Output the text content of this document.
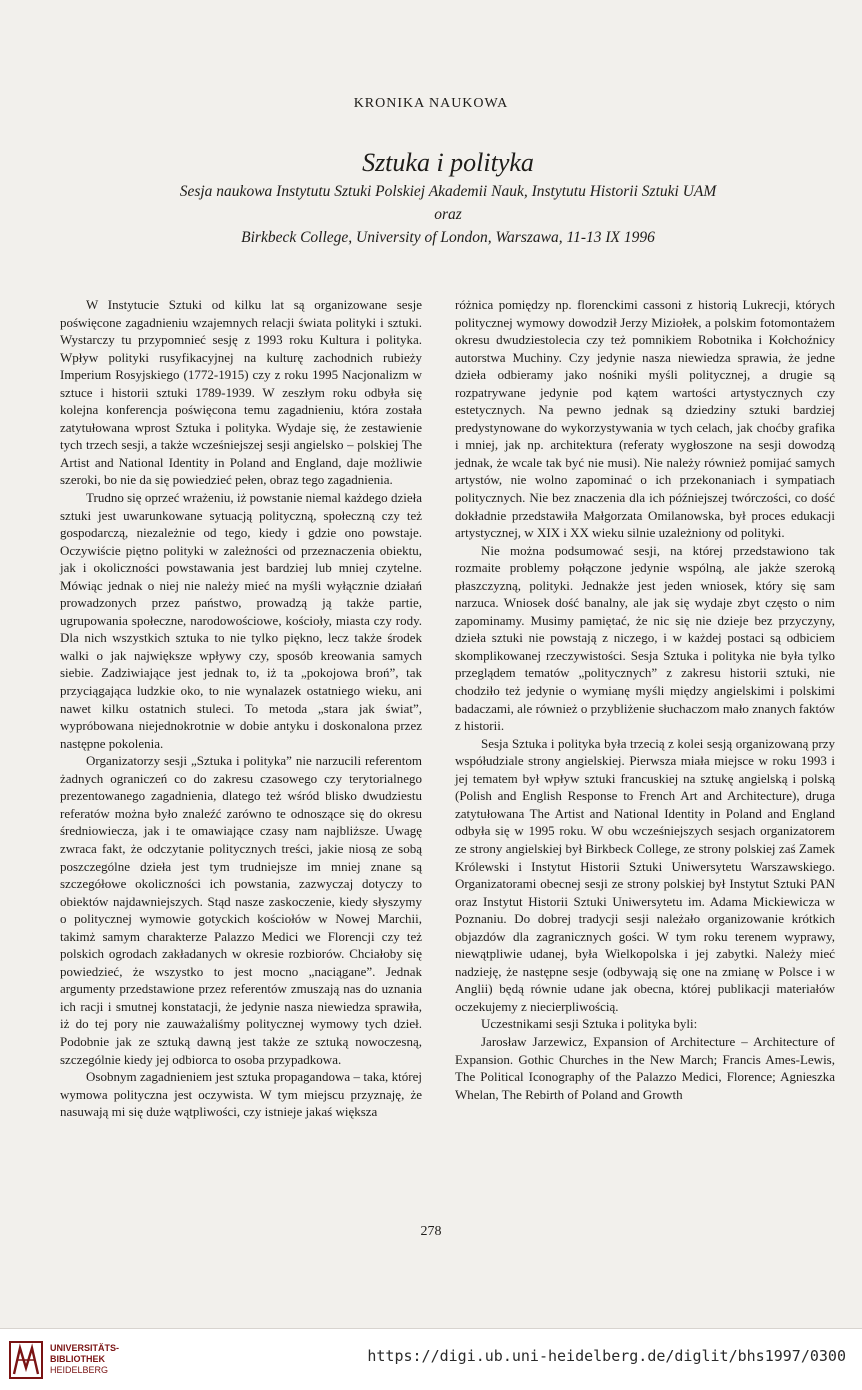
KRONIKA NAUKOWA
Sztuka i polityka

Sesja naukowa Instytutu Sztuki Polskiej Akademii Nauk, Instytutu Historii Sztuki UAM

oraz

Birkbeck College, University of London, Warszawa, 11-13 IX 1996

W Instytucie Sztuki od kilku lat są organizowane sesje poświęcone zagadnieniu wzajemnych relacji świata polityki i sztuki. Wystarczy tu przypomnieć sesję z 1993 roku Kultura i polityka. Wpływ polityki rusyfikacyjnej na kulturę zachodnich rubieży Imperium Rosyjskiego (1772-1915) czy z roku 1995 Nacjonalizm w sztuce i historii sztuki 1789-1939. W zeszłym roku odbyła się kolejna konferencja poświęcona temu zagadnieniu, która została zatytułowana wprost Sztuka i polityka. Wydaje się, że zestawienie tych trzech sesji, a także wcześniejszej sesji angielsko – polskiej The Artist and National Identity in Poland and England, daje możliwie szeroki, bo nie da się powiedzieć pełen, obraz tego zagadnienia.

Trudno się oprzeć wrażeniu, iż powstanie niemal każdego dzieła sztuki jest uwarunkowane sytuacją polityczną, społeczną czy też gospodarczą, niezależnie od tego, kiedy i gdzie ono powstaje. Oczywiście piętno polityki w zależności od przeznaczenia obiektu, jak i okoliczności powstawania jest bardziej lub mniej czytelne. Mówiąc jednak o niej nie należy mieć na myśli wyłącznie działań prowadzonych przez państwo, prowadzą ją także partie, ugrupowania społeczne, narodowościowe, kościoły, miasta czy rody. Dla nich wszystkich sztuka to nie tylko piękno, lecz także środek walki o jak największe wpływy czy, sposób kreowania samych siebie. Zadziwiające jest jednak to, iż ta „pokojowa broń”, tak przyciągająca ludzkie oko, to nie wynalazek ostatniego wieku, ani nawet kilku ostatnich stuleci. To metoda „stara jak świat”, wypróbowana niejednokrotnie w dobie antyku i doskonalona przez następne pokolenia.

Organizatorzy sesji „Sztuka i polityka” nie narzucili referentom żadnych ograniczeń co do zakresu czasowego czy terytorialnego prezentowanego zagadnienia, dlatego też wśród blisko dwudziestu referatów można było znaleźć zarówno te odnoszące się do okresu średniowiecza, jak i te omawiające czasy nam najbliższe. Uwagę zwraca fakt, że odczytanie politycznych treści, jakie niosą ze sobą poszczególne dzieła jest tym trudniejsze im mniej znane są szczegółowe okoliczności ich powstania, zazwyczaj dotyczy to obiektów najdawniejszych. Stąd nasze zaskoczenie, kiedy słyszymy o politycznej wymowie gotyckich kościołów w Nowej Marchii, takimż samym charakterze Palazzo Medici we Florencji czy też polskich ogrodach zakładanych w okresie rozbiorów. Chciałoby się powiedzieć, że wszystko to jest mocno „naciągane”. Jednak argumenty przedstawione przez referentów zmuszają nas do uznania ich racji i smutnej konstatacji, że jedynie nasza niewiedza sprawiła, iż do tej pory nie zauważaliśmy politycznej wymowy tych dzieł. Podobnie jak ze sztuką dawną jest także ze sztuką nowoczesną, szczególnie kiedy jej odbiorca to osoba przypadkowa.

Osobnym zagadnieniem jest sztuka propagandowa – taka, której wymowa polityczna jest oczywista. W tym miejscu przyznaję, że nasuwają mi się duże wątpliwości, czy istnieje jakaś większa

różnica pomiędzy np. florenckimi cassoni z historią Lukrecji, których politycznej wymowy dowodził Jerzy Miziołek, a polskim fotomontażem okresu dwudziestolecia czy też pomnikiem Robotnika i Kołchoźnicy autorstwa Muchiny. Czy jedynie nasza niewiedza sprawia, że jedne dzieła odbieramy jako nośniki myśli politycznej, a drugie są rozpatrywane jedynie pod kątem wartości artystycznych czy estetycznych. Na pewno jednak są dziedziny sztuki bardziej predystynowane do wykorzystywania w tych celach, jak choćby grafika i mniej, jak np. architektura (referaty wygłoszone na sesji dowodzą jednak, że wcale tak być nie musi). Nie należy również pomijać samych artystów, nie wolno zapominać o ich przekonaniach i sympatiach politycznych. Nie bez znaczenia dla ich późniejszej twórczości, co dość dokładnie przedstawiła Małgorzata Omilanowska, był proces edukacji artystycznej, w XIX i XX wieku silnie uzależniony od polityki.

Nie można podsumować sesji, na której przedstawiono tak rozmaite problemy połączone jedynie wspólną, ale jakże szeroką płaszczyzną, polityki. Jednakże jest jeden wniosek, który się sam narzuca. Wniosek dość banalny, ale jak się wydaje zbyt często o nim zapominamy. Musimy pamiętać, że nic się nie dzieje bez przyczyny, dzieła sztuki nie powstają z niczego, i w każdej postaci są odbiciem skomplikowanej rzeczywistości. Sesja Sztuka i polityka nie była tylko przeglądem tematów „politycznych” z zakresu historii sztuki, nie chodziło też jedynie o wymianę myśli między angielskimi i polskimi badaczami, ale również o przybliżenie słuchaczom mało znanych faktów z historii.

Sesja Sztuka i polityka była trzecią z kolei sesją organizowaną przy współudziale strony angielskiej. Pierwsza miała miejsce w roku 1993 i jej tematem był wpływ sztuki francuskiej na sztukę angielską i polską (Polish and English Response to French Art and Architecture), druga zatytułowana The Artist and National Identity in Poland and England odbyła się w 1995 roku. W obu wcześniejszych sesjach organizatorem ze strony angielskiej był Birkbeck College, ze strony polskiej zaś Zamek Królewski i Instytut Historii Sztuki Uniwersytetu Warszawskiego. Organizatorami obecnej sesji ze strony polskiej był Instytut Sztuki PAN oraz Instytut Historii Sztuki Uniwersytetu im. Adama Mickiewicza w Poznaniu. Do dobrej tradycji sesji należało organizowanie krótkich objazdów dla zagranicznych gości. W tym roku terenem wyprawy, niewątpliwie udanej, była Wielkopolska i jej zabytki. Należy mieć nadzieję, że następne sesje (odbywają się one na zmianę w Polsce i w Anglii) będą równie udane jak obecna, której publikacji materiałów oczekujemy z niecierpliwością.

Uczestnikami sesji Sztuka i polityka byli:

Jarosław Jarzewicz, Expansion of Architecture – Architecture of Expansion. Gothic Churches in the New March; Francis Ames-Lewis, The Political Iconography of the Palazzo Medici, Florence; Agnieszka Whelan, The Rebirth of Poland and Growth

278
UNIVERSITÄTS-
BIBLIOTHEK
HEIDELBERG
https://digi.ub.uni-heidelberg.de/diglit/bhs1997/0300
